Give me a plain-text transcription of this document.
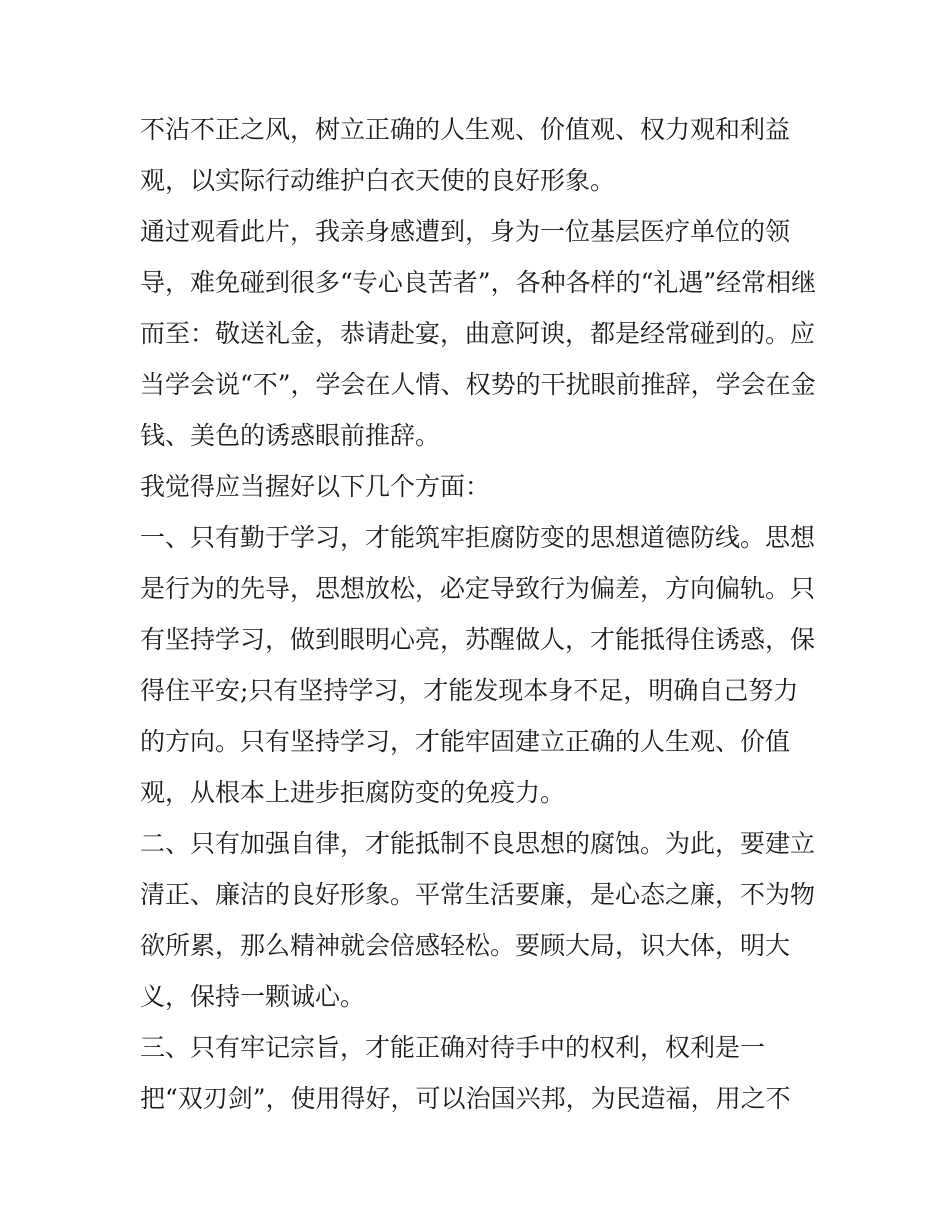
不沾不正之风，树立正确的人生观、价值观、权力观和利益
观，以实际行动维护白衣天使的良好形象。
通过观看此片，我亲身感遭到，身为一位基层医疗单位的领
导，难免碰到很多“专心良苦者”，各种各样的“礼遇”经常相继
而至：敬送礼金，恭请赴宴，曲意阿谀，都是经常碰到的。应
当学会说“不”，学会在人情、权势的干扰眼前推辞，学会在金
钱、美色的诱惑眼前推辞。
我觉得应当握好以下几个方面：
一、只有勤于学习，才能筑牢拒腐防变的思想道德防线。思想
是行为的先导，思想放松，必定导致行为偏差，方向偏轨。只
有坚持学习，做到眼明心亮，苏醒做人，才能抵得住诱惑，保
得住平安;只有坚持学习，才能发现本身不足，明确自己努力
的方向。只有坚持学习，才能牢固建立正确的人生观、价值
观，从根本上进步拒腐防变的免疫力。
二、只有加强自律，才能抵制不良思想的腐蚀。为此，要建立
清正、廉洁的良好形象。平常生活要廉，是心态之廉，不为物
欲所累，那么精神就会倍感轻松。要顾大局，识大体，明大
义，保持一颗诚心。
三、只有牢记宗旨，才能正确对待手中的权利，权利是一
把“双刃剑”，使用得好，可以治国兴邦，为民造福，用之不
